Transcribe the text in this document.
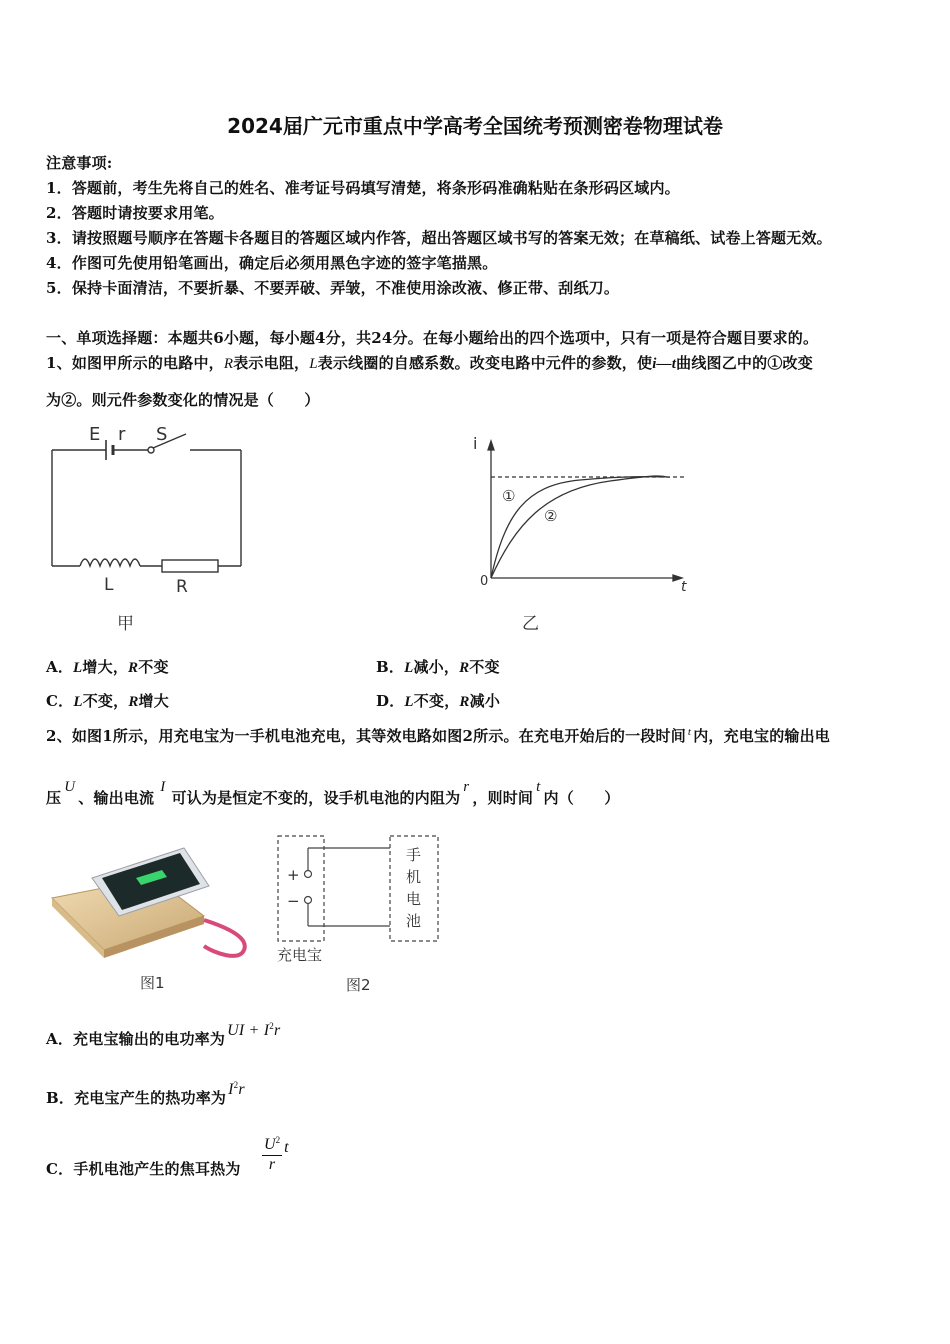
2024届广元市重点中学高考全国统考预测密卷物理试卷
注意事项:
1．答题前，考生先将自己的姓名、准考证号码填写清楚，将条形码准确粘贴在条形码区域内。
2．答题时请按要求用笔。
3．请按照题号顺序在答题卡各题目的答题区域内作答，超出答题区域书写的答案无效；在草稿纸、试卷上答题无效。
4．作图可先使用铅笔画出，确定后必须用黑色字迹的签字笔描黑。
5．保持卡面清洁，不要折暴、不要弄破、弄皱，不准使用涂改液、修正带、刮纸刀。
一、单项选择题：本题共6小题，每小题4分，共24分。在每小题给出的四个选项中，只有一项是符合题目要求的。
1、如图甲所示的电路中，R表示电阻，L表示线圈的自感系数。改变电路中元件的参数，使i—t曲线图乙中的①改变
为②。则元件参数变化的情况是（　　）
E r S
L	R
甲
i
t
0
①
②
乙
A．L增大，R不变	B．L减小，R不变
C．L不变，R增大	D．L不变，R减小
2、如图1所示，用充电宝为一手机电池充电，其等效电路如图2所示。在充电开始后的一段时间 $^t$ 内，充电宝的输出电
压U、输出电流I可认为是恒定不变的，设手机电池的内阻为r，则时间t内（　　）
图1
+
−
手
机
电
池
充电宝
图2
A．充电宝输出的电功率为 UI + $I^2r$
B．充电宝产生的热功率为 $I^2r$
C．手机电池产生的焦耳热为 $\frac{U^2}{r}$ t
